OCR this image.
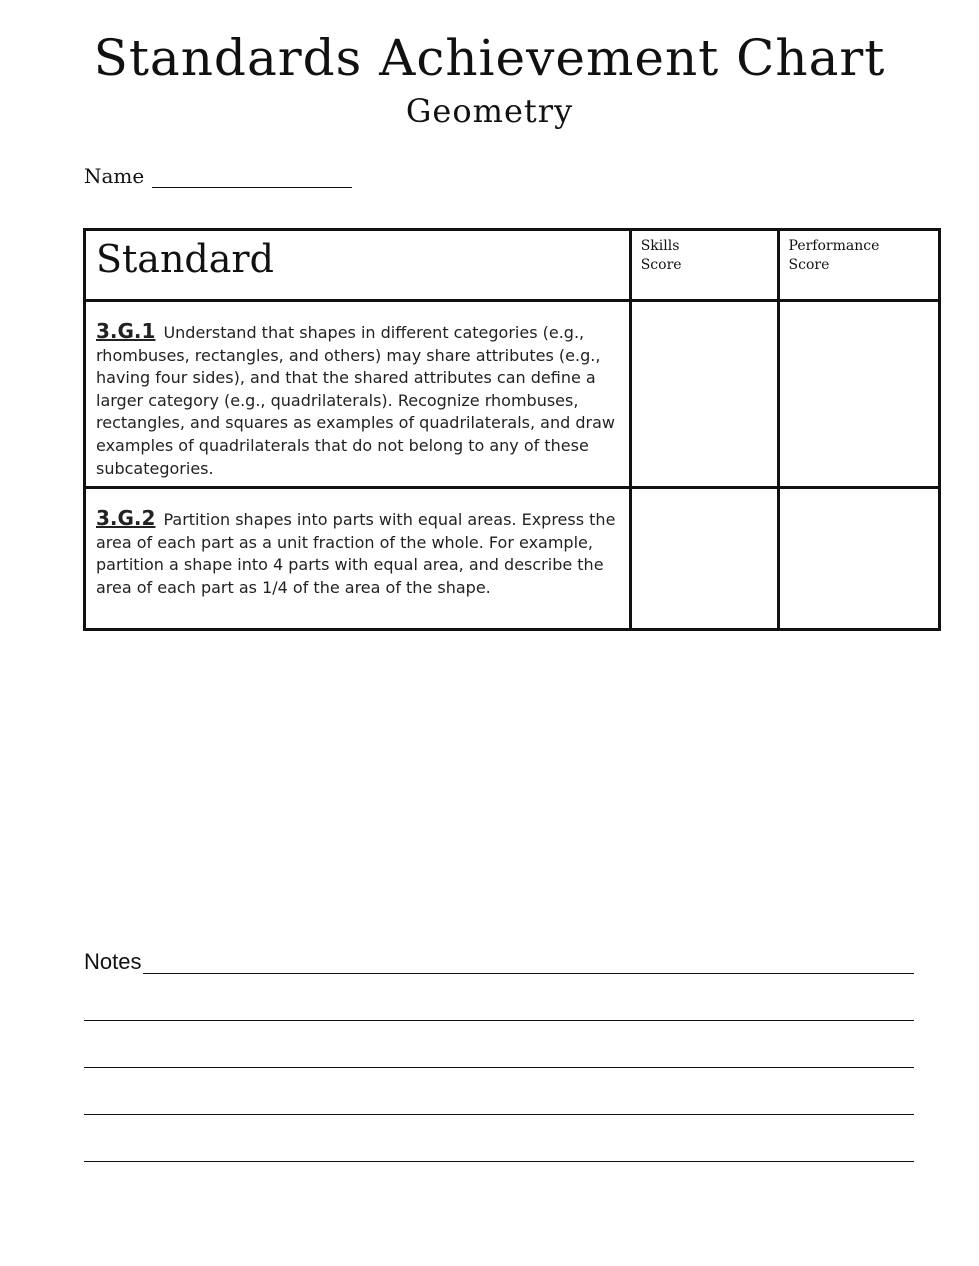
Standards Achievement Chart
Geometry
Name
Standard	Skills Score	Performance Score

3.G.1 Understand that shapes in different categories (e.g., rhombuses, rectangles, and others) may share attributes (e.g., having four sides), and that the shared attributes can define a larger category (e.g., quadrilaterals). Recognize rhombuses, rectangles, and squares as examples of quadrilaterals, and draw examples of quadrilaterals that do not belong to any of these subcategories.		
3.G.2 Partition shapes into parts with equal areas. Express the area of each part as a unit fraction of the whole. For example, partition a shape into 4 parts with equal area, and describe the area of each part as 1/4 of the area of the shape.		
Notes
